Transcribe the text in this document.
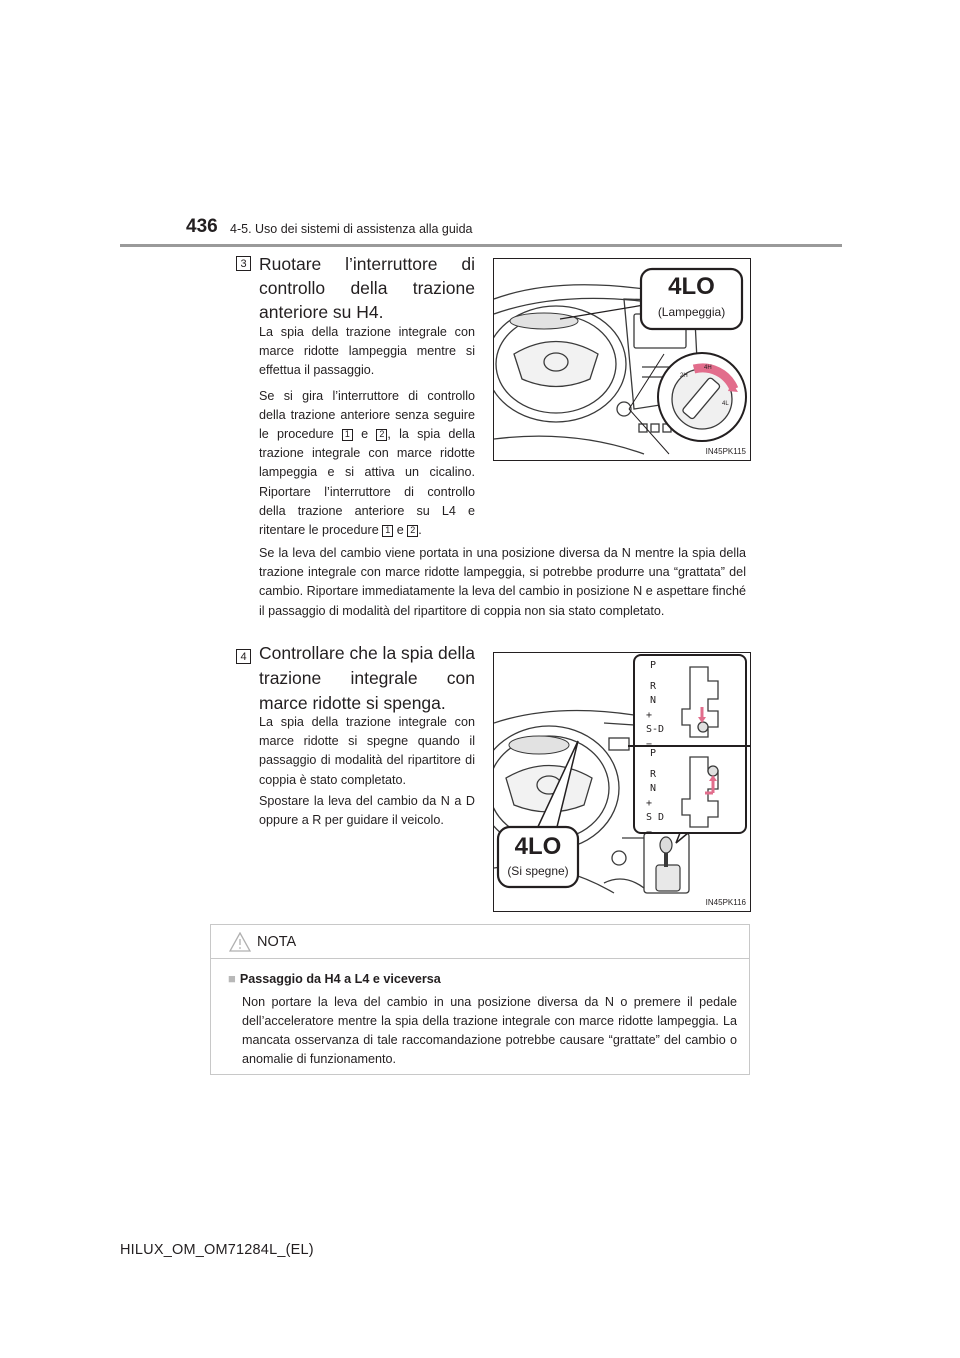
436 4-5. Uso dei sistemi di assistenza alla guida
3 Ruotare l’interruttore di controllo della trazione anteriore su H4.

La spia della trazione integrale con marce ridotte lampeggia mentre si effettua il passaggio.

Se si gira l’interruttore di controllo della trazione anteriore senza seguire le procedure 1 e 2 , la spia della trazione integrale con marce ridotte lampeggia e si attiva un cicalino. Riportare l’interruttore di controllo della trazione anteriore su L4 e ritentare le procedure 1 e 2 .

2H
4H
4L
4LO
(Lampeggia)
IN45PK115
Se la leva del cambio viene portata in una posizione diversa da N mentre la spia della trazione integrale con marce ridotte lampeggia, si potrebbe produrre una “grattata” del cambio. Riportare immediatamente la leva del cambio in posizione N e aspettare finché il passaggio di modalità del ripartitore di coppia non sia stato completato.
4 Controllare che la spia della trazione integrale con marce ridotte si spenga.

La spia della trazione integrale con marce ridotte si spegne quando il passaggio di modalità del ripartitore di coppia è stato completato.

Spostare la leva del cambio da N a D oppure a R per guidare il veicolo.

P
R
N
+
S-D
−
P
R
N
+
S D
−
4LO
(Si spegne)
IN45PK116
NOTA
■ Passaggio da H4 a L4 e viceversa
Non portare la leva del cambio in una posizione diversa da N o premere il pedale dell’acceleratore mentre la spia della trazione integrale con marce ridotte lampeggia. La mancata osservanza di tale raccomandazione potrebbe causare “grattate” del cambio o anomalie di funzionamento.
HILUX_OM_OM71284L_(EL)
